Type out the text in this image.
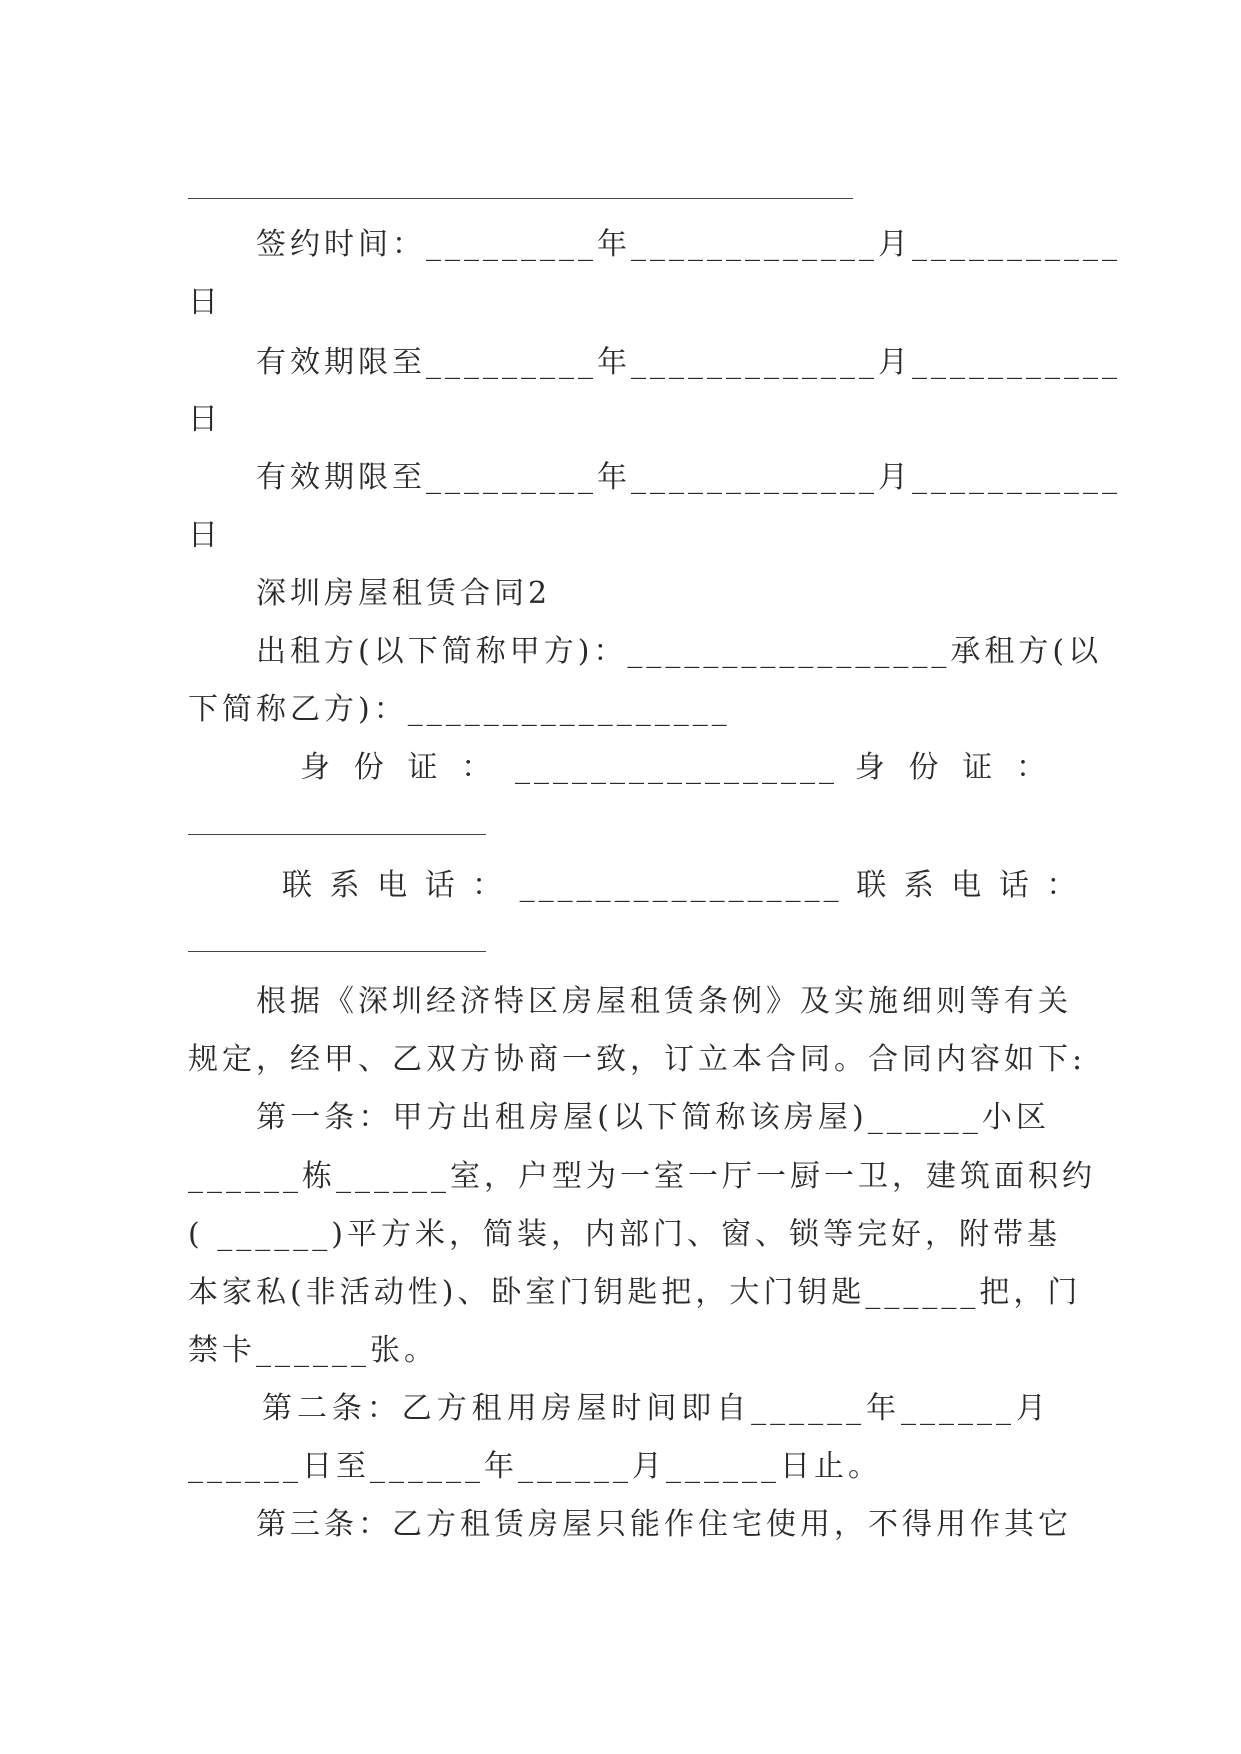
签约时间：_________年_____________月___________
日
有效期限至_________年_____________月___________
日
有效期限至_________年_____________月___________
日
深圳房屋租赁合同2
出租方(以下简称甲方)：_________________承租方(以
下简称乙方)：_________________
身 份 证 ： _________________ 身 份 证 ：
联 系 电 话 ： _________________ 联 系 电 话 ：
根据《深圳经济特区房屋租赁条例》及实施细则等有关
规定，经甲、乙双方协商一致，订立本合同。合同内容如下:
第一条：甲方出租房屋(以下简称该房屋)______小区
______栋______室，户型为一室一厅一厨一卫，建筑面积约
( ______)平方米，简装，内部门、窗、锁等完好，附带基
本家私(非活动性)、卧室门钥匙把，大门钥匙______把，门
禁卡______张。
第二条：乙方租用房屋时间即自______年______月
______日至______年______月______日止。
第三条：乙方租赁房屋只能作住宅使用，不得用作其它
